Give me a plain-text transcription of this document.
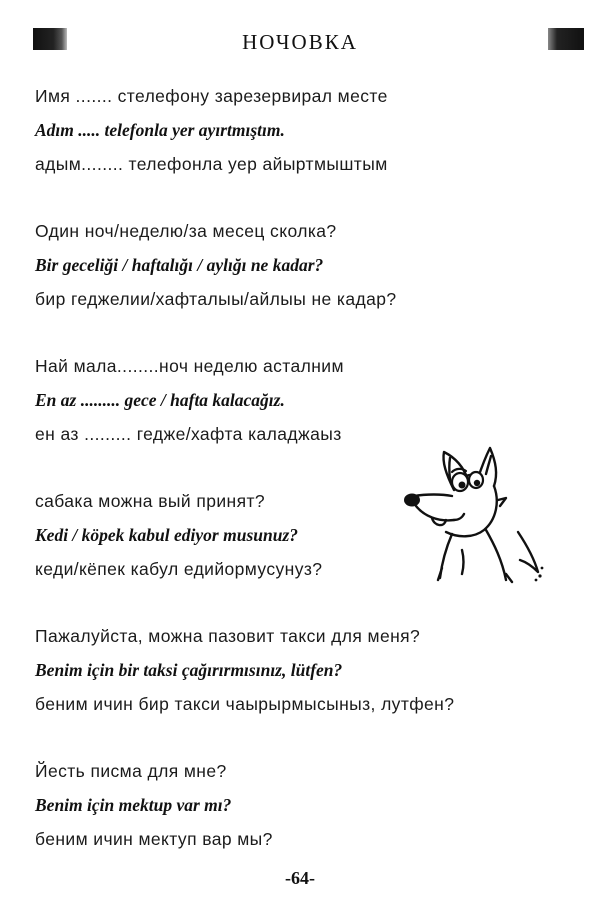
НОЧОВКА
Имя ....... стелефону зарезервирал месте
Adım ..... telefonla yer ayırtmıştım.
адым........ телефонла уер айыртмыштым
Один ноч/неделю/за месец сколка?
Bir geceliği / haftalığı / aylığı ne kadar?
бир геджелии/хафталыы/айлыы не кадар?
Най мала........ноч неделю асталним
En az ......... gece / hafta kalacağız.
ен аз ......... гедже/хафта каладжаыз
сабака можна вый принят?
Kedi / köpek kabul ediyor musunuz?
кеди/кёпек кабул едийормусунуз?
Пажалуйста, можна пазовит такси для меня?
Benim için bir taksi çağırırmısınız, lütfen?
беним ичин бир такси чаырырмысыныз, лутфен?
Йесть писма для мне?
Benim için mektup var mı?
беним ичин мектуп вар мы?
-64-
